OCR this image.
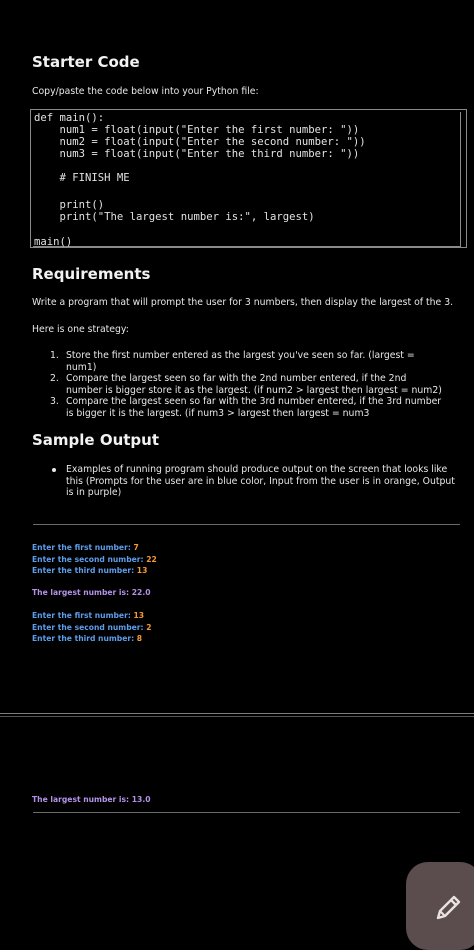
Starter Code

Copy/paste the code below into your Python file:

def main():
num1 = float(input("Enter the first number: "))
num2 = float(input("Enter the second number: "))
num3 = float(input("Enter the third number: "))
# FINISH ME
print()
print("The largest number is:", largest)
main()
Requirements

Write a program that will prompt the user for 3 numbers, then display the largest of the 3.

Here is one strategy:

1. Store the first number entered as the largest you've seen so far. (largest = num1)
2. Compare the largest seen so far with the 2nd number entered, if the 2nd number is bigger store it as the largest. (if num2 > largest then largest = num2)
3. Compare the largest seen so far with the 3rd number entered, if the 3rd number is bigger it is the largest. (if num3 > largest then largest = num3
Sample Output
Examples of running program should produce output on the screen that looks like this (Prompts for the user are in blue color, Input from the user is in orange, Output is in purple)
Enter the first number: 7
Enter the second number: 22
Enter the third number: 13
The largest number is: 22.0
Enter the first number: 13
Enter the second number: 2
Enter the third number: 8
The largest number is: 13.0
